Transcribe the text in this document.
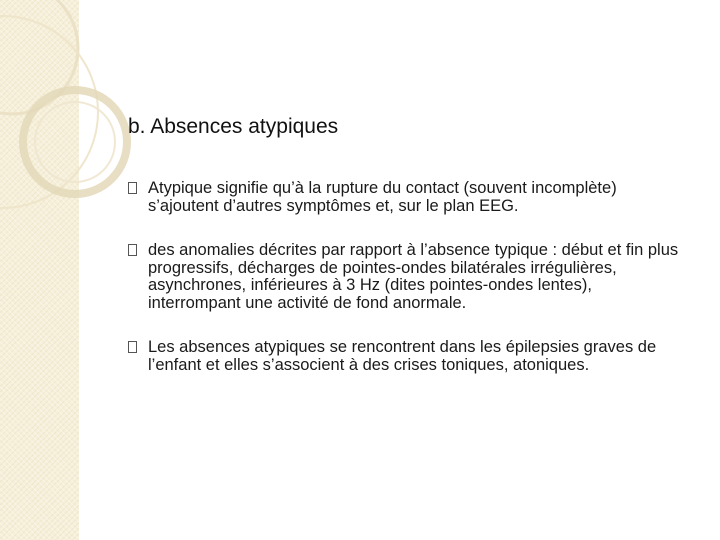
b. Absences atypiques
Atypique signifie qu’à la rupture du contact (souvent incomplète) s’ajoutent d’autres symptômes et, sur le plan EEG.
des anomalies décrites par rapport à l’absence typique : début et fin plus progressifs, décharges de pointes-ondes bilatérales irrégulières, asynchrones, inférieures à 3 Hz (dites pointes-ondes lentes), interrompant une activité de fond anormale.
Les absences atypiques se rencontrent dans les épilepsies graves de l’enfant et elles s’associent à des crises toniques, atoniques.
